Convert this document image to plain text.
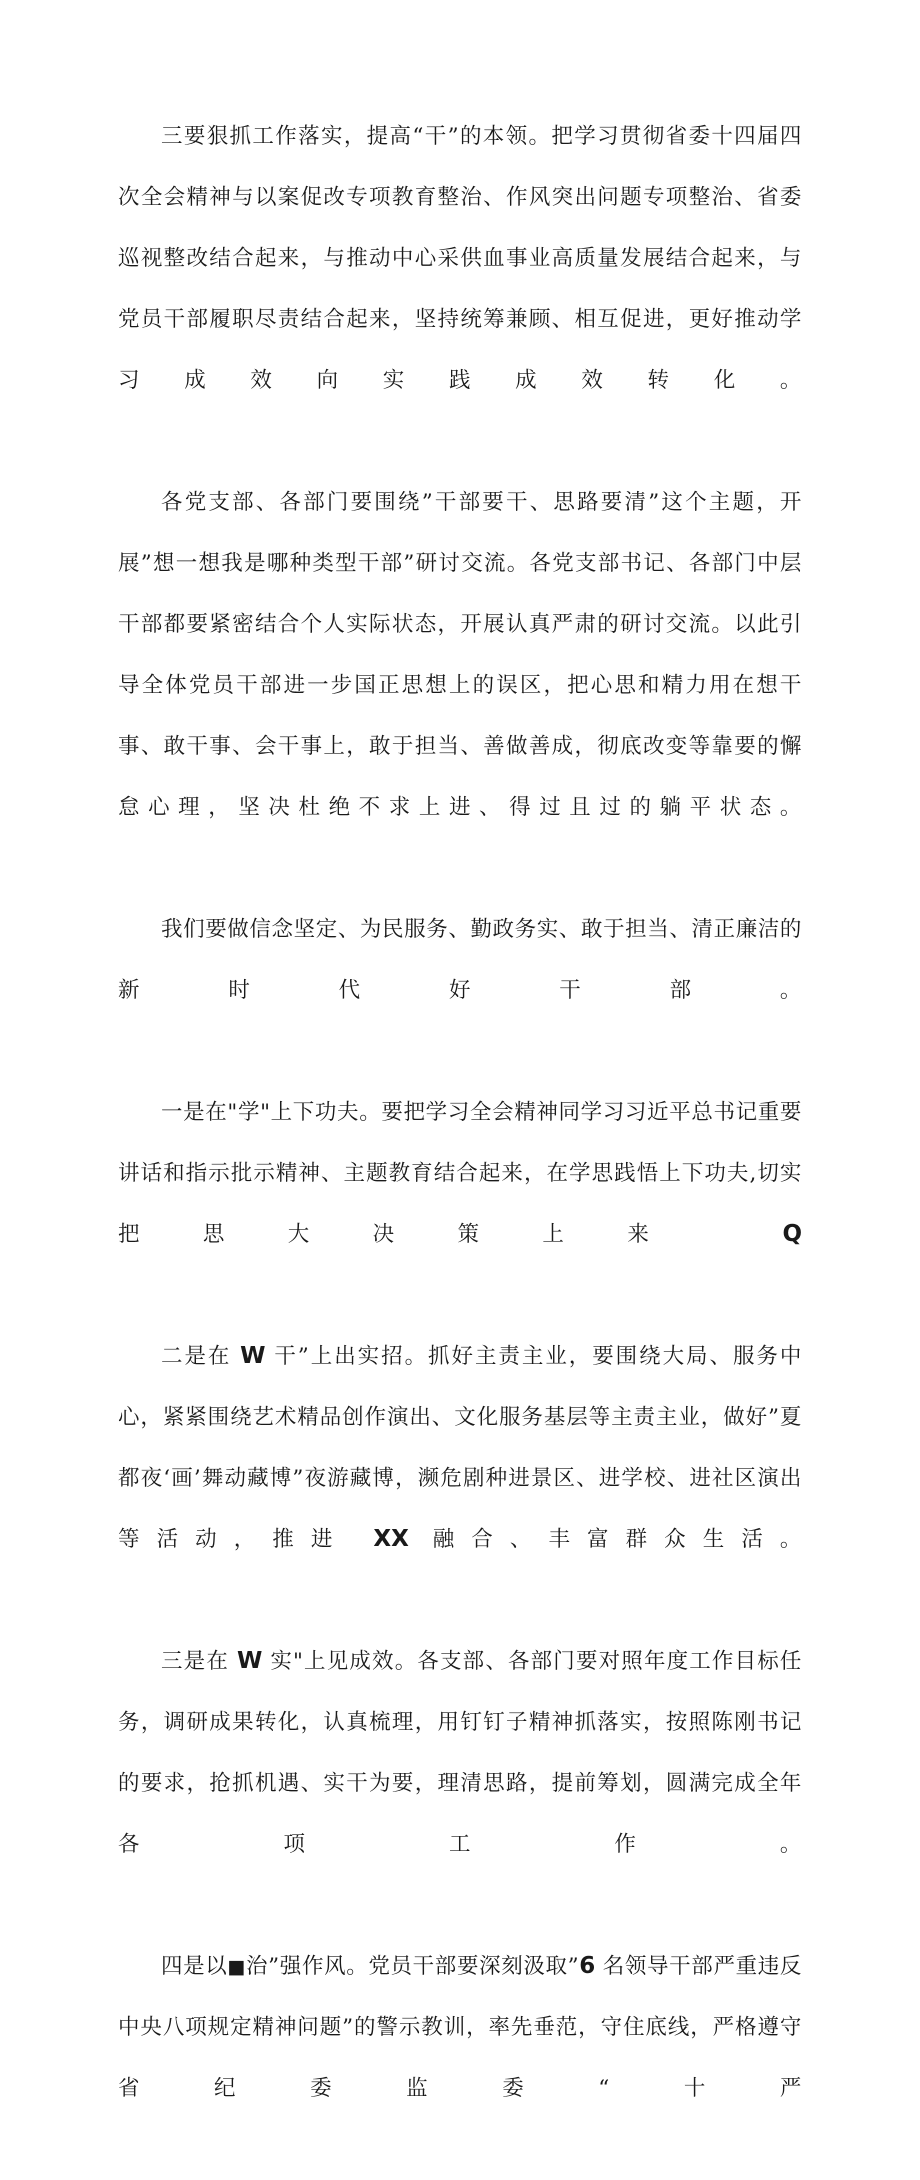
三要狠抓工作落实，提高“干”的本领。把学习贯彻省委十四届四次全会精神与以案促改专项教育整治、作风突出问题专项整治、省委巡视整改结合起来，与推动中心采供血事业高质量发展结合起来，与党员干部履职尽责结合起来，坚持统筹兼顾、相互促进，更好推动学习成效向实践成效转化。

各党支部、各部门要围绕”干部要干、思路要清”这个主题，开展”想一想我是哪种类型干部”研讨交流。各党支部书记、各部门中层干部都要紧密结合个人实际状态，开展认真严肃的研讨交流。以此引导全体党员干部进一步国正思想上的误区，把心思和精力用在想干事、敢干事、会干事上，敢于担当、善做善成，彻底改变等靠要的懈怠心理，坚决杜绝不求上进、得过且过的躺平状态。

我们要做信念坚定、为民服务、勤政务实、敢于担当、清正廉洁的新时代好干部。

一是在"学"上下功夫。要把学习全会精神同学习习近平总书记重要讲话和指示批示精神、主题教育结合起来，在学思践悟上下功夫,切实把思大决策上来 Q

二是在 W 干”上出实招。抓好主责主业，要围绕大局、服务中心，紧紧围绕艺术精品创作演出、文化服务基层等主责主业，做好”夏都夜‘画’舞动藏博”夜游藏博，濒危剧种进景区、进学校、进社区演出等活动，推进 XX 融合、丰富群众生活。

三是在 W 实"上见成效。各支部、各部门要对照年度工作目标任务，调研成果转化，认真梳理，用钉钉子精神抓落实，按照陈刚书记的要求，抢抓机遇、实干为要，理清思路，提前筹划，圆满完成全年各项工作。

四是以■治”强作风。党员干部要深刻汲取”6 名领导干部严重违反中央八项规定精神问题”的警示教训，率先垂范，守住底线，严格遵守省纪委监委“十严
